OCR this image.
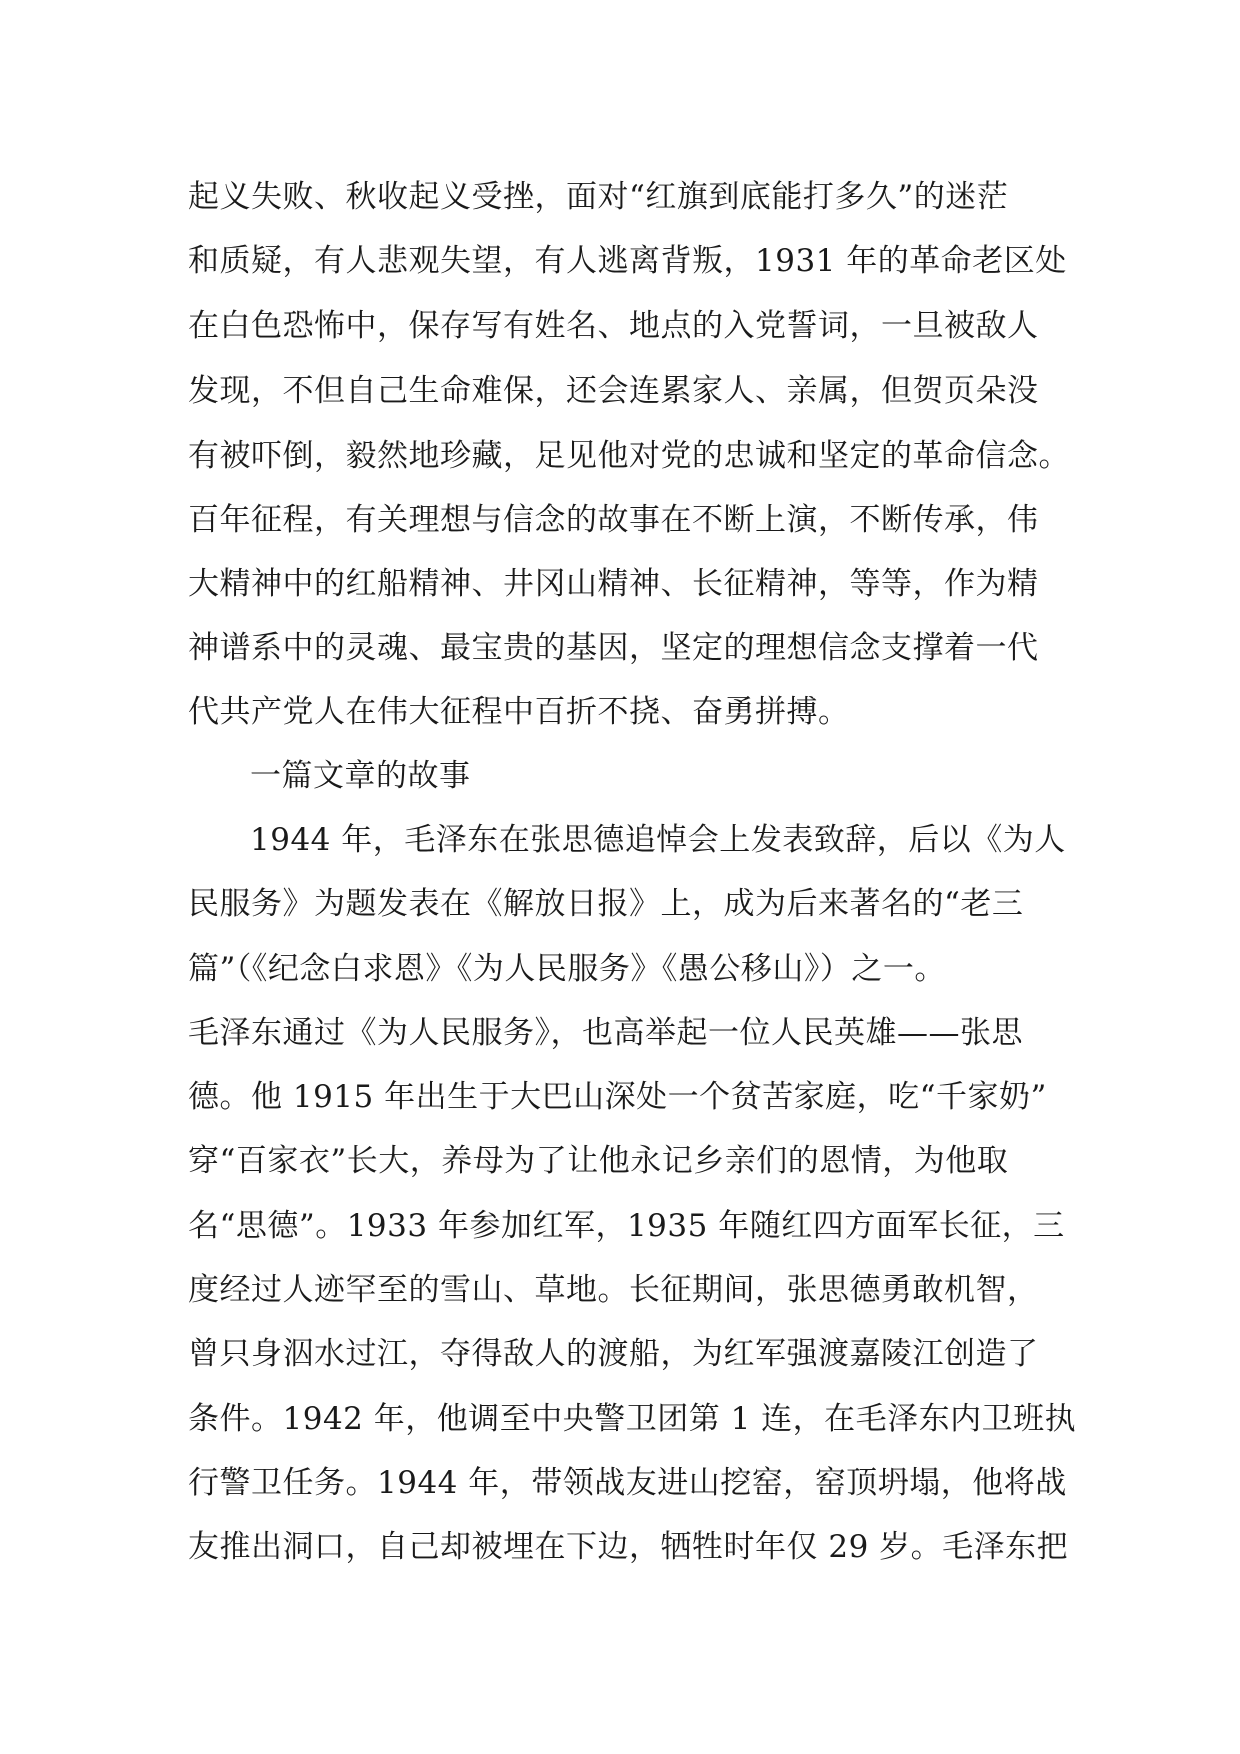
起义失败、秋收起义受挫，面对“红旗到底能打多久”的迷茫
和质疑，有人悲观失望，有人逃离背叛，1931 年的革命老区处
在白色恐怖中，保存写有姓名、地点的入党誓词，一旦被敌人
发现，不但自己生命难保，还会连累家人、亲属，但贺页朵没
有被吓倒，毅然地珍藏，足见他对党的忠诚和坚定的革命信念。
百年征程，有关理想与信念的故事在不断上演，不断传承，伟
大精神中的红船精神、井冈山精神、长征精神，等等，作为精
神谱系中的灵魂、最宝贵的基因，坚定的理想信念支撑着一代
代共产党人在伟大征程中百折不挠、奋勇拼搏。
一篇文章的故事
1944 年，毛泽东在张思德追悼会上发表致辞，后以《为人
民服务》为题发表在《解放日报》上，成为后来著名的“老三
篇”（《纪念白求恩》《为人民服务》《愚公移山》）之一。
毛泽东通过《为人民服务》，也高举起一位人民英雄——张思
德。他 1915 年出生于大巴山深处一个贫苦家庭，吃“千家奶”
穿“百家衣”长大，养母为了让他永记乡亲们的恩情，为他取
名“思德”。1933 年参加红军，1935 年随红四方面军长征，三
度经过人迹罕至的雪山、草地。长征期间，张思德勇敢机智，
曾只身泅水过江，夺得敌人的渡船，为红军强渡嘉陵江创造了
条件。1942 年，他调至中央警卫团第 1 连，在毛泽东内卫班执
行警卫任务。1944 年，带领战友进山挖窑，窑顶坍塌，他将战
友推出洞口，自己却被埋在下边，牺牲时年仅 29 岁。毛泽东把
